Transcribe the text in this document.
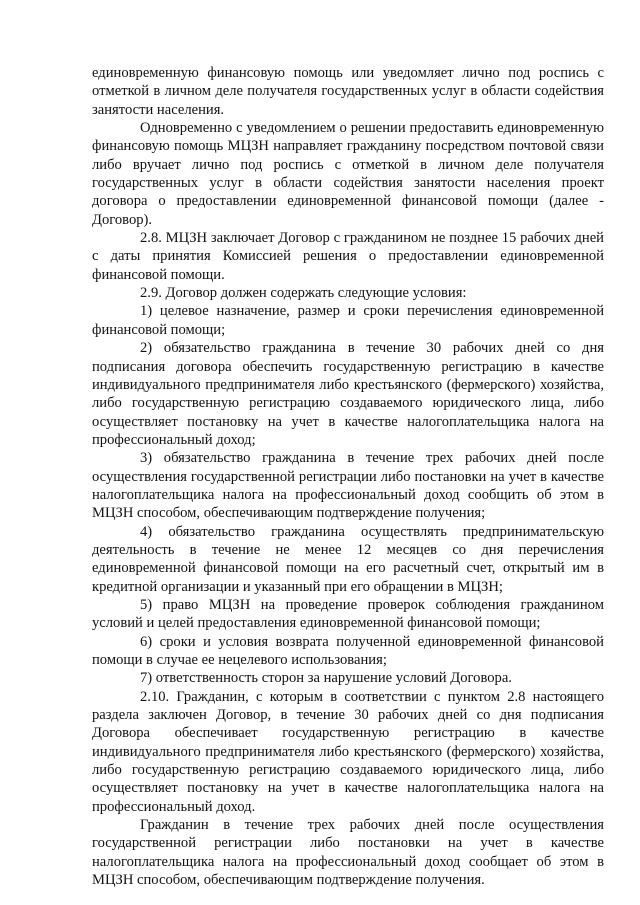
единовременную финансовую помощь или уведомляет лично под роспись с отметкой в личном деле получателя государственных услуг в области содействия занятости населения.

Одновременно с уведомлением о решении предоставить единовременную финансовую помощь МЦЗН направляет гражданину посредством почтовой связи либо вручает лично под роспись с отметкой в личном деле получателя государственных услуг в области содействия занятости населения проект договора о предоставлении единовременной финансовой помощи (далее - Договор).

2.8. МЦЗН заключает Договор с гражданином не позднее 15 рабочих дней с даты принятия Комиссией решения о предоставлении единовременной финансовой помощи.

2.9. Договор должен содержать следующие условия:

1) целевое назначение, размер и сроки перечисления единовременной финансовой помощи;

2) обязательство гражданина в течение 30 рабочих дней со дня подписания договора обеспечить государственную регистрацию в качестве индивидуального предпринимателя либо крестьянского (фермерского) хозяйства, либо государственную регистрацию создаваемого юридического лица, либо осуществляет постановку на учет в качестве налогоплательщика налога на профессиональный доход;

3) обязательство гражданина в течение трех рабочих дней после осуществления государственной регистрации либо постановки на учет в качестве налогоплательщика налога на профессиональный доход сообщить об этом в МЦЗН способом, обеспечивающим подтверждение получения;

4) обязательство гражданина осуществлять предпринимательскую деятельность в течение не менее 12 месяцев со дня перечисления единовременной финансовой помощи на его расчетный счет, открытый им в кредитной организации и указанный при его обращении в МЦЗН;

5) право МЦЗН на проведение проверок соблюдения гражданином условий и целей предоставления единовременной финансовой помощи;

6) сроки и условия возврата полученной единовременной финансовой помощи в случае ее нецелевого использования;

7) ответственность сторон за нарушение условий Договора.

2.10. Гражданин, с которым в соответствии с пунктом 2.8 настоящего раздела заключен Договор, в течение 30 рабочих дней со дня подписания Договора обеспечивает государственную регистрацию в качестве индивидуального предпринимателя либо крестьянского (фермерского) хозяйства, либо государственную регистрацию создаваемого юридического лица, либо осуществляет постановку на учет в качестве налогоплательщика налога на профессиональный доход.

Гражданин в течение трех рабочих дней после осуществления государственной регистрации либо постановки на учет в качестве налогоплательщика налога на профессиональный доход сообщает об этом в МЦЗН способом, обеспечивающим подтверждение получения.
